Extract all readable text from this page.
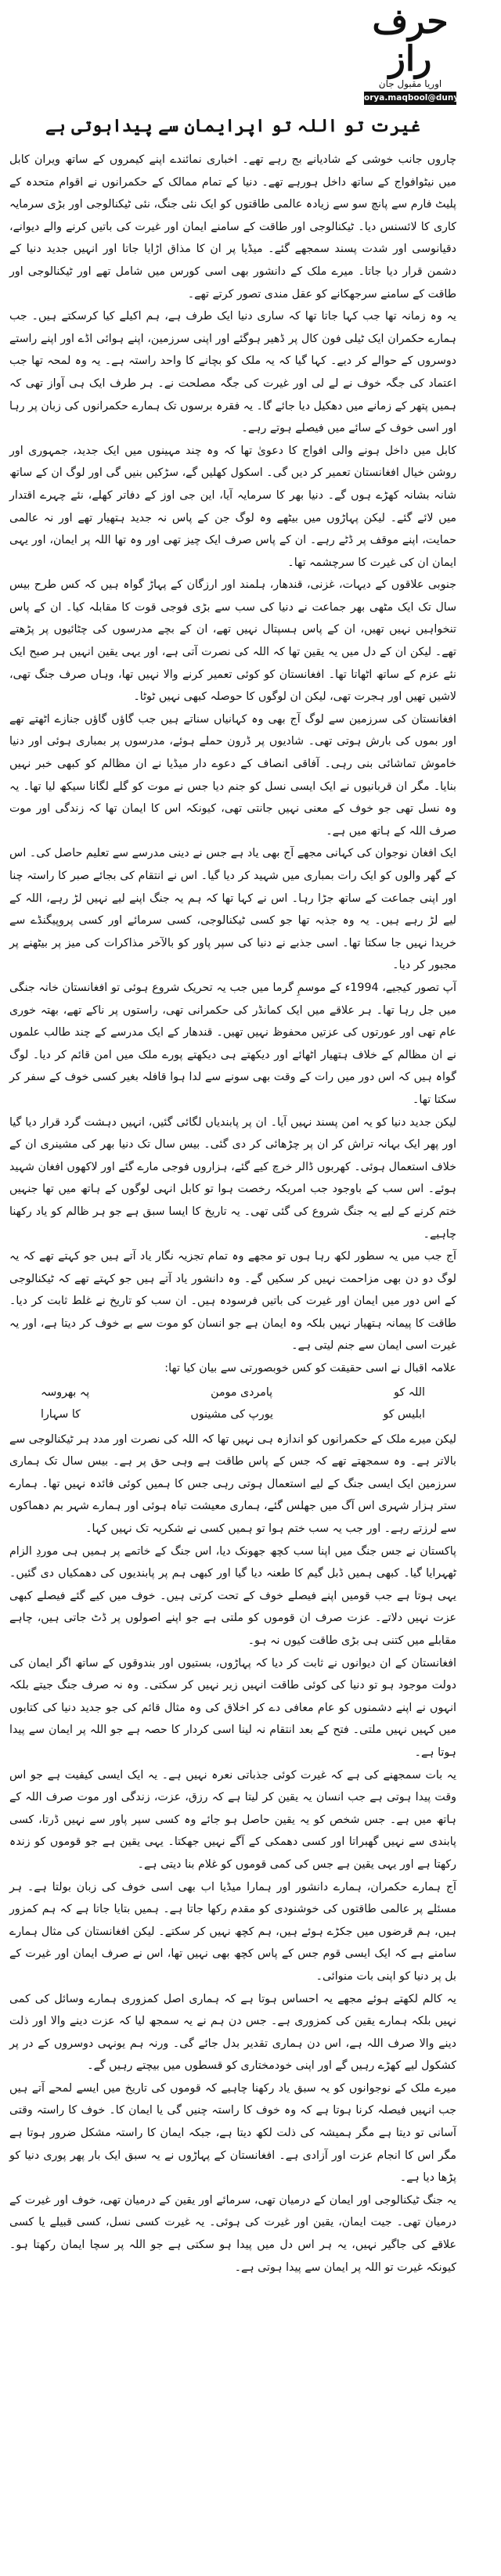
حرف راز
اوریا مقبول جان
orya.maqbool@dunya.com.pk
غیرت تو اللہ تو اپرایمان سے پیداہوتی ہے

چاروں جانب خوشی کے شادیانے بج رہے تھے۔ اخباری نمائندے اپنے کیمروں کے ساتھ ویران کابل میں نیٹوافواج کے ساتھ داخل ہورہے تھے۔ دنیا کے تمام ممالک کے حکمرانوں نے اقوام متحدہ کے پلیٹ فارم سے پانچ سو سے زیادہ عالمی طاقتوں کو ایک نئی جنگ، نئی ٹیکنالوجی اور بڑی سرمایہ کاری کا لائسنس دیا۔ ٹیکنالوجی اور طاقت کے سامنے ایمان اور غیرت کی باتیں کرنے والے دیوانے، دقیانوسی اور شدت پسند سمجھے گئے۔ میڈیا پر ان کا مذاق اڑایا جاتا اور انہیں جدید دنیا کے دشمن قرار دیا جاتا۔ میرے ملک کے دانشور بھی اسی کورس میں شامل تھے اور ٹیکنالوجی اور طاقت کے سامنے سرجھکانے کو عقل مندی تصور کرتے تھے۔

یہ وہ زمانہ تھا جب کہا جاتا تھا کہ ساری دنیا ایک طرف ہے، ہم اکیلے کیا کرسکتے ہیں۔ جب ہمارے حکمران ایک ٹیلی فون کال پر ڈھیر ہوگئے اور اپنی سرزمین، اپنے ہوائی اڈے اور اپنے راستے دوسروں کے حوالے کر دیے۔ کہا گیا کہ یہ ملک کو بچانے کا واحد راستہ ہے۔ یہ وہ لمحہ تھا جب اعتماد کی جگہ خوف نے لے لی اور غیرت کی جگہ مصلحت نے۔ ہر طرف ایک ہی آواز تھی کہ ہمیں پتھر کے زمانے میں دھکیل دیا جائے گا۔ یہ فقرہ برسوں تک ہمارے حکمرانوں کی زبان پر رہا اور اسی خوف کے سائے میں فیصلے ہوتے رہے۔

کابل میں داخل ہونے والی افواج کا دعویٰ تھا کہ وہ چند مہینوں میں ایک جدید، جمہوری اور روشن خیال افغانستان تعمیر کر دیں گی۔ اسکول کھلیں گے، سڑکیں بنیں گی اور لوگ ان کے ساتھ شانہ بشانہ کھڑے ہوں گے۔ دنیا بھر کا سرمایہ آیا، این جی اوز کے دفاتر کھلے، نئے چہرے اقتدار میں لائے گئے۔ لیکن پہاڑوں میں بیٹھے وہ لوگ جن کے پاس نہ جدید ہتھیار تھے اور نہ عالمی حمایت، اپنے موقف پر ڈٹے رہے۔ ان کے پاس صرف ایک چیز تھی اور وہ تھا اللہ پر ایمان، اور یہی ایمان ان کی غیرت کا سرچشمہ تھا۔

جنوبی علاقوں کے دیہات، غزنی، قندھار، ہلمند اور ارزگان کے پہاڑ گواہ ہیں کہ کس طرح بیس سال تک ایک مٹھی بھر جماعت نے دنیا کی سب سے بڑی فوجی قوت کا مقابلہ کیا۔ ان کے پاس تنخواہیں نہیں تھیں، ان کے پاس ہسپتال نہیں تھے، ان کے بچے مدرسوں کی چٹائیوں پر پڑھتے تھے۔ لیکن ان کے دل میں یہ یقین تھا کہ اللہ کی نصرت آتی ہے، اور یہی یقین انہیں ہر صبح ایک نئے عزم کے ساتھ اٹھاتا تھا۔ افغانستان کو کوئی تعمیر کرنے والا نہیں تھا، وہاں صرف جنگ تھی، لاشیں تھیں اور ہجرت تھی، لیکن ان لوگوں کا حوصلہ کبھی نہیں ٹوٹا۔

افغانستان کی سرزمین سے لوگ آج بھی وہ کہانیاں سناتے ہیں جب گاؤں گاؤں جنازے اٹھتے تھے اور بموں کی بارش ہوتی تھی۔ شادیوں پر ڈرون حملے ہوئے، مدرسوں پر بمباری ہوئی اور دنیا خاموش تماشائی بنی رہی۔ آفاقی انصاف کے دعوے دار میڈیا نے ان مظالم کو کبھی خبر نہیں بنایا۔ مگر ان قربانیوں نے ایک ایسی نسل کو جنم دیا جس نے موت کو گلے لگانا سیکھ لیا تھا۔ یہ وہ نسل تھی جو خوف کے معنی نہیں جانتی تھی، کیونکہ اس کا ایمان تھا کہ زندگی اور موت صرف اللہ کے ہاتھ میں ہے۔

ایک افغان نوجوان کی کہانی مجھے آج بھی یاد ہے جس نے دینی مدرسے سے تعلیم حاصل کی۔ اس کے گھر والوں کو ایک رات بمباری میں شہید کر دیا گیا۔ اس نے انتقام کی بجائے صبر کا راستہ چنا اور اپنی جماعت کے ساتھ جڑا رہا۔ اس نے کہا تھا کہ ہم یہ جنگ اپنے لیے نہیں لڑ رہے، اللہ کے لیے لڑ رہے ہیں۔ یہ وہ جذبہ تھا جو کسی ٹیکنالوجی، کسی سرمائے اور کسی پروپیگنڈے سے خریدا نہیں جا سکتا تھا۔ اسی جذبے نے دنیا کی سپر پاور کو بالآخر مذاکرات کی میز پر بیٹھنے پر مجبور کر دیا۔

آپ تصور کیجیے، 1994ء کے موسمِ گرما میں جب یہ تحریک شروع ہوئی تو افغانستان خانہ جنگی میں جل رہا تھا۔ ہر علاقے میں ایک کمانڈر کی حکمرانی تھی، راستوں پر ناکے تھے، بھتہ خوری عام تھی اور عورتوں کی عزتیں محفوظ نہیں تھیں۔ قندھار کے ایک مدرسے کے چند طالب علموں نے ان مظالم کے خلاف ہتھیار اٹھائے اور دیکھتے ہی دیکھتے پورے ملک میں امن قائم کر دیا۔ لوگ گواہ ہیں کہ اس دور میں رات کے وقت بھی سونے سے لدا ہوا قافلہ بغیر کسی خوف کے سفر کر سکتا تھا۔

لیکن جدید دنیا کو یہ امن پسند نہیں آیا۔ ان پر پابندیاں لگائی گئیں، انہیں دہشت گرد قرار دیا گیا اور پھر ایک بہانہ تراش کر ان پر چڑھائی کر دی گئی۔ بیس سال تک دنیا بھر کی مشینری ان کے خلاف استعمال ہوئی۔ کھربوں ڈالر خرچ کیے گئے، ہزاروں فوجی مارے گئے اور لاکھوں افغان شہید ہوئے۔ اس سب کے باوجود جب امریکہ رخصت ہوا تو کابل انہی لوگوں کے ہاتھ میں تھا جنہیں ختم کرنے کے لیے یہ جنگ شروع کی گئی تھی۔ یہ تاریخ کا ایسا سبق ہے جو ہر ظالم کو یاد رکھنا چاہیے۔

آج جب میں یہ سطور لکھ رہا ہوں تو مجھے وہ تمام تجزیہ نگار یاد آتے ہیں جو کہتے تھے کہ یہ لوگ دو دن بھی مزاحمت نہیں کر سکیں گے۔ وہ دانشور یاد آتے ہیں جو کہتے تھے کہ ٹیکنالوجی کے اس دور میں ایمان اور غیرت کی باتیں فرسودہ ہیں۔ ان سب کو تاریخ نے غلط ثابت کر دیا۔ طاقت کا پیمانہ ہتھیار نہیں بلکہ وہ ایمان ہے جو انسان کو موت سے بے خوف کر دیتا ہے، اور یہ غیرت اسی ایمان سے جنم لیتی ہے۔

علامہ اقبال نے اسی حقیقت کو کس خوبصورتی سے بیان کیا تھا:

اللہ کو
پامردی مومن
پہ بھروسہ
ابلیس کو
یورپ کی مشینوں
کا سہارا

لیکن میرے ملک کے حکمرانوں کو اندازہ ہی نہیں تھا کہ اللہ کی نصرت اور مدد ہر ٹیکنالوجی سے بالاتر ہے۔ وہ سمجھتے تھے کہ جس کے پاس طاقت ہے وہی حق پر ہے۔ بیس سال تک ہماری سرزمین ایک ایسی جنگ کے لیے استعمال ہوتی رہی جس کا ہمیں کوئی فائدہ نہیں تھا۔ ہمارے ستر ہزار شہری اس آگ میں جھلس گئے، ہماری معیشت تباہ ہوئی اور ہمارے شہر بم دھماکوں سے لرزتے رہے۔ اور جب یہ سب ختم ہوا تو ہمیں کسی نے شکریہ تک نہیں کہا۔

پاکستان نے جس جنگ میں اپنا سب کچھ جھونک دیا، اس جنگ کے خاتمے پر ہمیں ہی موردِ الزام ٹھہرایا گیا۔ کبھی ہمیں ڈبل گیم کا طعنہ دیا گیا اور کبھی ہم پر پابندیوں کی دھمکیاں دی گئیں۔ یہی ہوتا ہے جب قومیں اپنے فیصلے خوف کے تحت کرتی ہیں۔ خوف میں کیے گئے فیصلے کبھی عزت نہیں دلاتے۔ عزت صرف ان قوموں کو ملتی ہے جو اپنے اصولوں پر ڈٹ جاتی ہیں، چاہے مقابلے میں کتنی ہی بڑی طاقت کیوں نہ ہو۔

افغانستان کے ان دیوانوں نے ثابت کر دیا کہ پہاڑوں، بستیوں اور بندوقوں کے ساتھ اگر ایمان کی دولت موجود ہو تو دنیا کی کوئی طاقت انہیں زیر نہیں کر سکتی۔ وہ نہ صرف جنگ جیتے بلکہ انہوں نے اپنے دشمنوں کو عام معافی دے کر اخلاق کی وہ مثال قائم کی جو جدید دنیا کی کتابوں میں کہیں نہیں ملتی۔ فتح کے بعد انتقام نہ لینا اسی کردار کا حصہ ہے جو اللہ پر ایمان سے پیدا ہوتا ہے۔

یہ بات سمجھنے کی ہے کہ غیرت کوئی جذباتی نعرہ نہیں ہے۔ یہ ایک ایسی کیفیت ہے جو اس وقت پیدا ہوتی ہے جب انسان یہ یقین کر لیتا ہے کہ رزق، عزت، زندگی اور موت صرف اللہ کے ہاتھ میں ہے۔ جس شخص کو یہ یقین حاصل ہو جائے وہ کسی سپر پاور سے نہیں ڈرتا، کسی پابندی سے نہیں گھبراتا اور کسی دھمکی کے آگے نہیں جھکتا۔ یہی یقین ہے جو قوموں کو زندہ رکھتا ہے اور یہی یقین ہے جس کی کمی قوموں کو غلام بنا دیتی ہے۔

آج ہمارے حکمران، ہمارے دانشور اور ہمارا میڈیا اب بھی اسی خوف کی زبان بولتا ہے۔ ہر مسئلے پر عالمی طاقتوں کی خوشنودی کو مقدم رکھا جاتا ہے۔ ہمیں بتایا جاتا ہے کہ ہم کمزور ہیں، ہم قرضوں میں جکڑے ہوئے ہیں، ہم کچھ نہیں کر سکتے۔ لیکن افغانستان کی مثال ہمارے سامنے ہے کہ ایک ایسی قوم جس کے پاس کچھ بھی نہیں تھا، اس نے صرف ایمان اور غیرت کے بل پر دنیا کو اپنی بات منوائی۔

یہ کالم لکھتے ہوئے مجھے یہ احساس ہوتا ہے کہ ہماری اصل کمزوری ہمارے وسائل کی کمی نہیں بلکہ ہمارے یقین کی کمزوری ہے۔ جس دن ہم نے یہ سمجھ لیا کہ عزت دینے والا اور ذلت دینے والا صرف اللہ ہے، اس دن ہماری تقدیر بدل جائے گی۔ ورنہ ہم یونہی دوسروں کے در پر کشکول لیے کھڑے رہیں گے اور اپنی خودمختاری کو قسطوں میں بیچتے رہیں گے۔

میرے ملک کے نوجوانوں کو یہ سبق یاد رکھنا چاہیے کہ قوموں کی تاریخ میں ایسے لمحے آتے ہیں جب انہیں فیصلہ کرنا ہوتا ہے کہ وہ خوف کا راستہ چنیں گی یا ایمان کا۔ خوف کا راستہ وقتی آسانی تو دیتا ہے مگر ہمیشہ کی ذلت لکھ دیتا ہے، جبکہ ایمان کا راستہ مشکل ضرور ہوتا ہے مگر اس کا انجام عزت اور آزادی ہے۔ افغانستان کے پہاڑوں نے یہ سبق ایک بار پھر پوری دنیا کو پڑھا دیا ہے۔

یہ جنگ ٹیکنالوجی اور ایمان کے درمیان تھی، سرمائے اور یقین کے درمیان تھی، خوف اور غیرت کے درمیان تھی۔ جیت ایمان، یقین اور غیرت کی ہوئی۔ یہ غیرت کسی نسل، کسی قبیلے یا کسی علاقے کی جاگیر نہیں، یہ ہر اس دل میں پیدا ہو سکتی ہے جو اللہ پر سچا ایمان رکھتا ہو۔ کیونکہ غیرت تو اللہ پر ایمان سے پیدا ہوتی ہے۔
